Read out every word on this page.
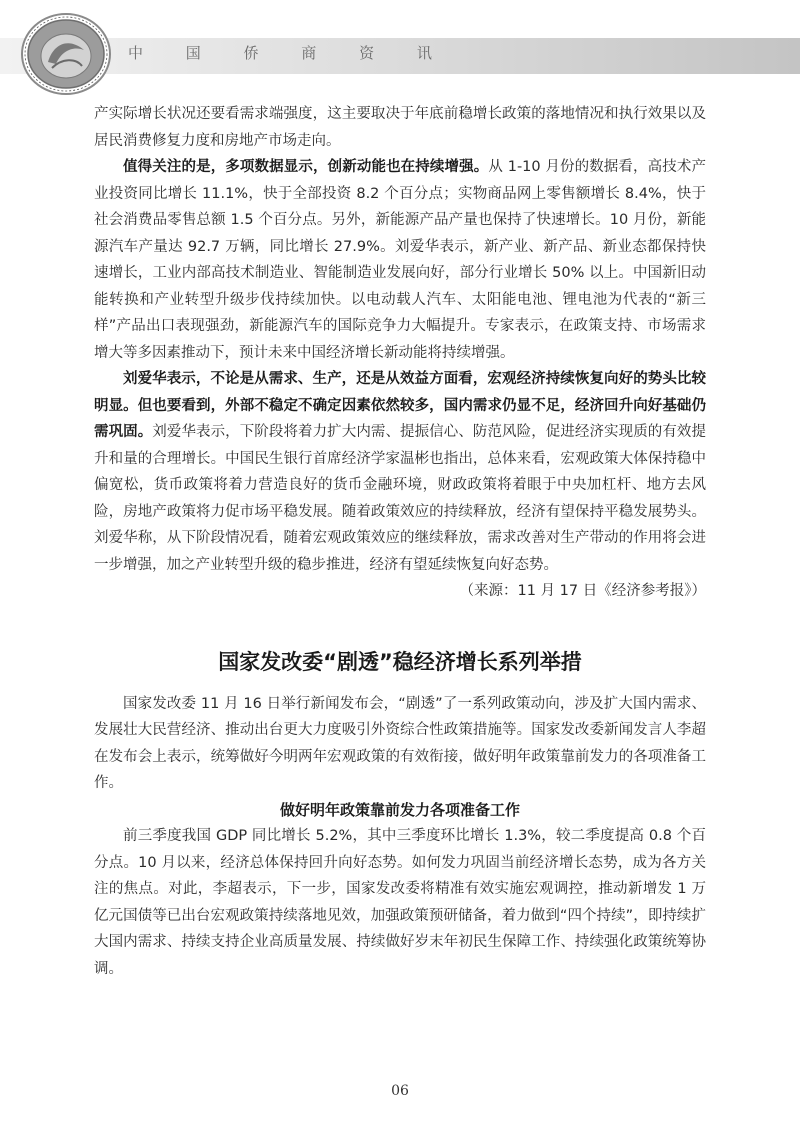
中 国 侨 商 资 讯

产实际增长状况还要看需求端强度，这主要取决于年底前稳增长政策的落地情况和执行效果以及居民消费修复力度和房地产市场走向。

值得关注的是，多项数据显示，创新动能也在持续增强。从 1-10 月份的数据看，高技术产业投资同比增长 11.1%，快于全部投资 8.2 个百分点；实物商品网上零售额增长 8.4%，快于社会消费品零售总额 1.5 个百分点。另外，新能源产品产量也保持了快速增长。10 月份，新能源汽车产量达 92.7 万辆，同比增长 27.9%。刘爱华表示，新产业、新产品、新业态都保持快速增长，工业内部高技术制造业、智能制造业发展向好，部分行业增长 50% 以上。中国新旧动能转换和产业转型升级步伐持续加快。以电动载人汽车、太阳能电池、锂电池为代表的“新三样”产品出口表现强劲，新能源汽车的国际竞争力大幅提升。专家表示，在政策支持、市场需求增大等多因素推动下，预计未来中国经济增长新动能将持续增强。

刘爱华表示，不论是从需求、生产，还是从效益方面看，宏观经济持续恢复向好的势头比较明显。但也要看到，外部不稳定不确定因素依然较多，国内需求仍显不足，经济回升向好基础仍需巩固。刘爱华表示，下阶段将着力扩大内需、提振信心、防范风险，促进经济实现质的有效提升和量的合理增长。中国民生银行首席经济学家温彬也指出，总体来看，宏观政策大体保持稳中偏宽松，货币政策将着力营造良好的货币金融环境，财政政策将着眼于中央加杠杆、地方去风险，房地产政策将力促市场平稳发展。随着政策效应的持续释放，经济有望保持平稳发展势头。刘爱华称，从下阶段情况看，随着宏观政策效应的继续释放，需求改善对生产带动的作用将会进一步增强，加之产业转型升级的稳步推进，经济有望延续恢复向好态势。

（来源：11 月 17 日《经济参考报》）

国家发改委“剧透”稳经济增长系列举措

国家发改委 11 月 16 日举行新闻发布会，“剧透”了一系列政策动向，涉及扩大国内需求、发展壮大民营经济、推动出台更大力度吸引外资综合性政策措施等。国家发改委新闻发言人李超在发布会上表示，统筹做好今明两年宏观政策的有效衔接，做好明年政策靠前发力的各项准备工作。

做好明年政策靠前发力各项准备工作

前三季度我国 GDP 同比增长 5.2%，其中三季度环比增长 1.3%，较二季度提高 0.8 个百分点。10 月以来，经济总体保持回升向好态势。如何发力巩固当前经济增长态势，成为各方关注的焦点。对此，李超表示，下一步，国家发改委将精准有效实施宏观调控，推动新增发 1 万亿元国债等已出台宏观政策持续落地见效，加强政策预研储备，着力做到“四个持续”，即持续扩大国内需求、持续支持企业高质量发展、持续做好岁末年初民生保障工作、持续强化政策统筹协调。

06
